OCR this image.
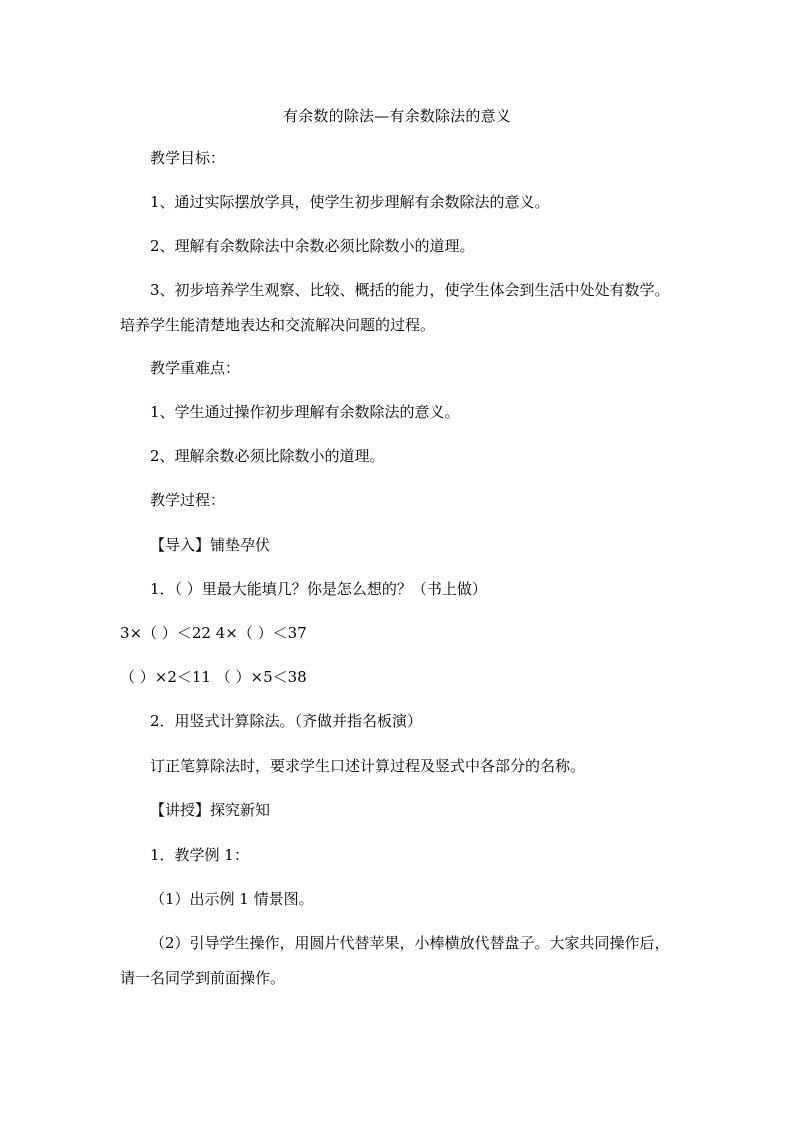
有余数的除法—有余数除法的意义
教学目标：
1、通过实际摆放学具，使学生初步理解有余数除法的意义。
2、理解有余数除法中余数必须比除数小的道理。
3、初步培养学生观察、比较、概括的能力，使学生体会到生活中处处有数学。培养学生能清楚地表达和交流解决问题的过程。
教学重难点：
1、学生通过操作初步理解有余数除法的意义。
2、理解余数必须比除数小的道理。
教学过程：
【导入】铺垫孕伏
1．（ ）里最大能填几？你是怎么想的？（书上做）
3×（ ）＜22 4×（ ）＜37
（ ）×2＜11 （ ）×5＜38
2．用竖式计算除法。（齐做并指名板演）
订正笔算除法时，要求学生口述计算过程及竖式中各部分的名称。
【讲授】探究新知
1．教学例 1：
（1）出示例 1 情景图。
（2）引导学生操作，用圆片代替苹果，小棒横放代替盘子。大家共同操作后，请一名同学到前面操作。
